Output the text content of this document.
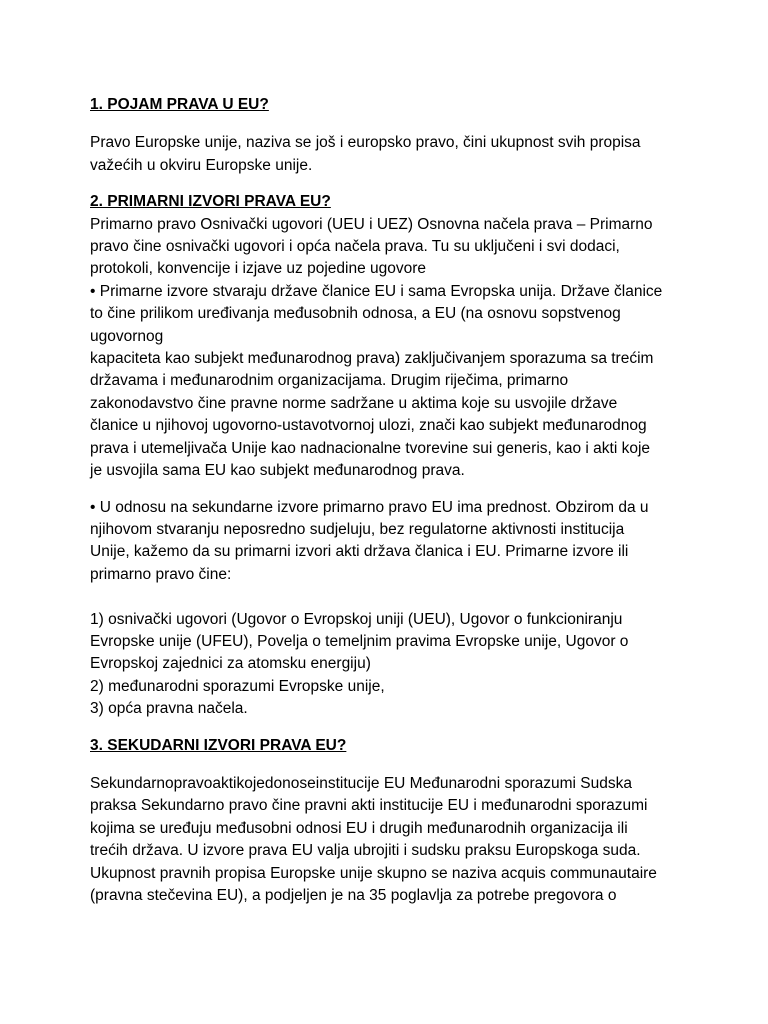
1. POJAM PRAVA U EU?
Pravo Europske unije, naziva se još i europsko pravo, čini ukupnost svih propisa
važećih u okviru Europske unije.
2. PRIMARNI IZVORI PRAVA EU?
Primarno pravo Osnivački ugovori (UEU i UEZ) Osnovna načela prava – Primarno
pravo čine osnivački ugovori i opća načela prava. Tu su uključeni i svi dodaci,
protokoli, konvencije i izjave uz pojedine ugovore
• Primarne izvore stvaraju države članice EU i sama Evropska unija. Države članice
to čine prilikom uređivanja međusobnih odnosa, a EU (na osnovu sopstvenog
ugovornog
kapaciteta kao subjekt međunarodnog prava) zaključivanjem sporazuma sa trećim
državama i međunarodnim organizacijama. Drugim riječima, primarno
zakonodavstvo čine pravne norme sadržane u aktima koje su usvojile države
članice u njihovoj ugovorno-ustavotvornoj ulozi, znači kao subjekt međunarodnog
prava i utemeljivača Unije kao nadnacionalne tvorevine sui generis, kao i akti koje
je usvojila sama EU kao subjekt međunarodnog prava.
• U odnosu na sekundarne izvore primarno pravo EU ima prednost. Obzirom da u
njihovom stvaranju neposredno sudjeluju, bez regulatorne aktivnosti institucija
Unije, kažemo da su primarni izvori akti država članica i EU. Primarne izvore ili
primarno pravo čine:
1) osnivački ugovori (Ugovor o Evropskoj uniji (UEU), Ugovor o funkcioniranju
Evropske unije (UFEU), Povelja o temeljnim pravima Evropske unije, Ugovor o
Evropskoj zajednici za atomsku energiju)
2) međunarodni sporazumi Evropske unije,
3) opća pravna načela.
3. SEKUDARNI IZVORI PRAVA EU?
Sekundarnopravoaktikojedonoseinstitucije EU Međunarodni sporazumi Sudska
praksa Sekundarno pravo čine pravni akti institucije EU i međunarodni sporazumi
kojima se uređuju međusobni odnosi EU i drugih međunarodnih organizacija ili
trećih država. U izvore prava EU valja ubrojiti i sudsku praksu Europskoga suda.
Ukupnost pravnih propisa Europske unije skupno se naziva acquis communautaire
(pravna stečevina EU), a podjeljen je na 35 poglavlja za potrebe pregovora o
